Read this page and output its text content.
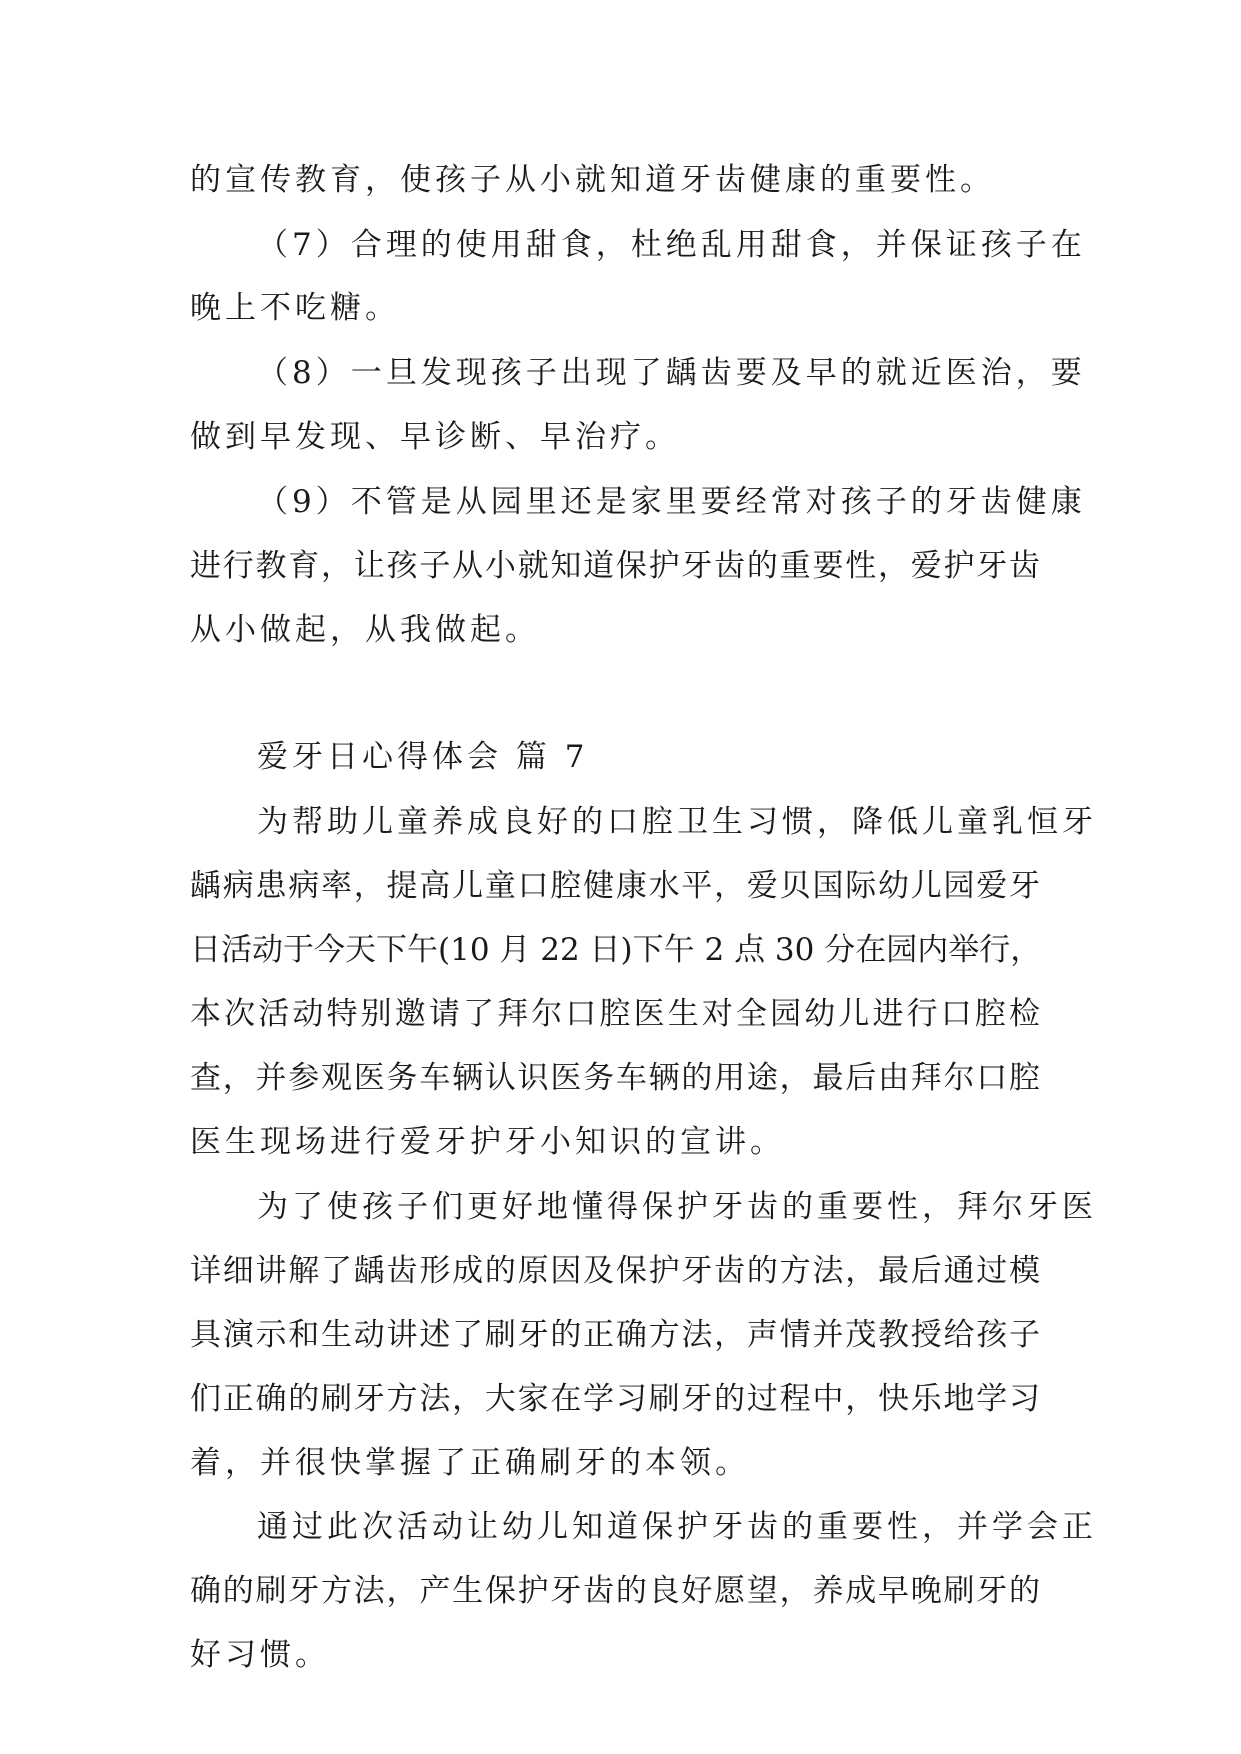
的宣传教育，使孩子从小就知道牙齿健康的重要性。
（7）合理的使用甜食，杜绝乱用甜食，并保证孩子在
晚上不吃糖。
（8）一旦发现孩子出现了龋齿要及早的就近医治，要
做到早发现、早诊断、早治疗。
（9）不管是从园里还是家里要经常对孩子的牙齿健康
进行教育，让孩子从小就知道保护牙齿的重要性，爱护牙齿
从小做起，从我做起。
爱牙日心得体会 篇 7
为帮助儿童养成良好的口腔卫生习惯，降低儿童乳恒牙
龋病患病率，提高儿童口腔健康水平，爱贝国际幼儿园爱牙
日活动于今天下午(10 月 22 日)下午 2 点 30 分在园内举行，
本次活动特别邀请了拜尔口腔医生对全园幼儿进行口腔检
查，并参观医务车辆认识医务车辆的用途，最后由拜尔口腔
医生现场进行爱牙护牙小知识的宣讲。
为了使孩子们更好地懂得保护牙齿的重要性，拜尔牙医
详细讲解了龋齿形成的原因及保护牙齿的方法，最后通过模
具演示和生动讲述了刷牙的正确方法，声情并茂教授给孩子
们正确的刷牙方法，大家在学习刷牙的过程中，快乐地学习
着，并很快掌握了正确刷牙的本领。
通过此次活动让幼儿知道保护牙齿的重要性，并学会正
确的刷牙方法，产生保护牙齿的良好愿望，养成早晚刷牙的
好习惯。
